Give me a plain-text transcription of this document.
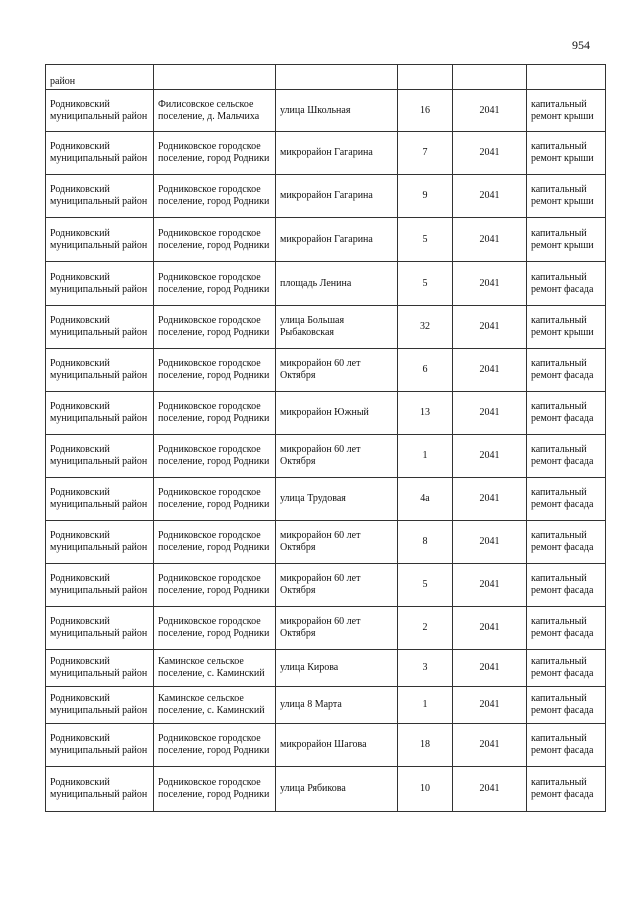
954
район					
Родниковский муниципальный район	Филисовское сельское поселение, д. Мальчиха	улица Школьная	16	2041	капитальный ремонт крыши
Родниковский муниципальный район	Родниковское городское поселение, город Родники	микрорайон Гагарина	7	2041	капитальный ремонт крыши
Родниковский муниципальный район	Родниковское городское поселение, город Родники	микрорайон Гагарина	9	2041	капитальный ремонт крыши
Родниковский муниципальный район	Родниковское городское поселение, город Родники	микрорайон Гагарина	5	2041	капитальный ремонт крыши
Родниковский муниципальный район	Родниковское городское поселение, город Родники	площадь Ленина	5	2041	капитальный ремонт фасада
Родниковский муниципальный район	Родниковское городское поселение, город Родники	улица Большая Рыбаковская	32	2041	капитальный ремонт крыши
Родниковский муниципальный район	Родниковское городское поселение, город Родники	микрорайон 60 лет Октября	6	2041	капитальный ремонт фасада
Родниковский муниципальный район	Родниковское городское поселение, город Родники	микрорайон Южный	13	2041	капитальный ремонт фасада
Родниковский муниципальный район	Родниковское городское поселение, город Родники	микрорайон 60 лет Октября	1	2041	капитальный ремонт фасада
Родниковский муниципальный район	Родниковское городское поселение, город Родники	улица Трудовая	4а	2041	капитальный ремонт фасада
Родниковский муниципальный район	Родниковское городское поселение, город Родники	микрорайон 60 лет Октября	8	2041	капитальный ремонт фасада
Родниковский муниципальный район	Родниковское городское поселение, город Родники	микрорайон 60 лет Октября	5	2041	капитальный ремонт фасада
Родниковский муниципальный район	Родниковское городское поселение, город Родники	микрорайон 60 лет Октября	2	2041	капитальный ремонт фасада
Родниковский муниципальный район	Каминское сельское поселение, с. Каминский	улица Кирова	3	2041	капитальный ремонт фасада
Родниковский муниципальный район	Каминское сельское поселение, с. Каминский	улица 8 Марта	1	2041	капитальный ремонт фасада
Родниковский муниципальный район	Родниковское городское поселение, город Родники	микрорайон Шагова	18	2041	капитальный ремонт фасада
Родниковский муниципальный район	Родниковское городское поселение, город Родники	улица Рябикова	10	2041	капитальный ремонт фасада
